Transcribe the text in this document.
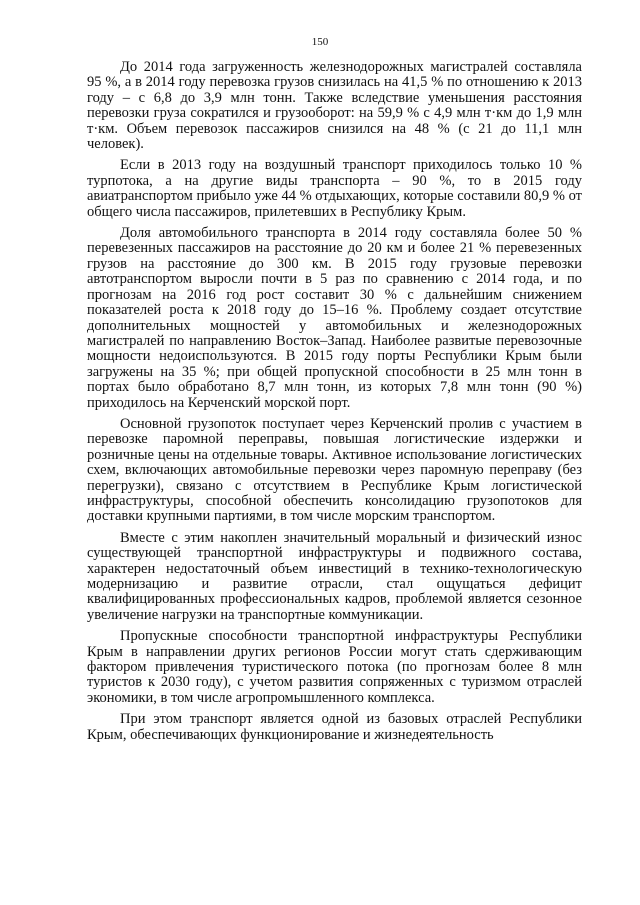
150

До 2014 года загруженность железнодорожных магистралей составляла 95 %, а в 2014 году перевозка грузов снизилась на 41,5 % по отношению к 2013 году – с 6,8 до 3,9 млн тонн. Также вследствие уменьшения расстояния перевозки груза сократился и грузооборот: на 59,9 % с 4,9 млн т·км до 1,9 млн т·км. Объем перевозок пассажиров снизился на 48 % (с 21 до 11,1 млн человек).

Если в 2013 году на воздушный транспорт приходилось только 10 % турпотока, а на другие виды транспорта – 90 %, то в 2015 году авиатранспортом прибыло уже 44 % отдыхающих, которые составили 80,9 % от общего числа пассажиров, прилетевших в Республику Крым.

Доля автомобильного транспорта в 2014 году составляла более 50 % перевезенных пассажиров на расстояние до 20 км и более 21 % перевезенных грузов на расстояние до 300 км. В 2015 году грузовые перевозки автотранспортом выросли почти в 5 раз по сравнению с 2014 года, и по прогнозам на 2016 год рост составит 30 % с дальнейшим снижением показателей роста к 2018 году до 15–16 %. Проблему создает отсутствие дополнительных мощностей у автомобильных и железнодорожных магистралей по направлению Восток–Запад. Наиболее развитые перевозочные мощности недоиспользуются. В 2015 году порты Республики Крым были загружены на 35 %; при общей пропускной способности в 25 млн тонн в портах было обработано 8,7 млн тонн, из которых 7,8 млн тонн (90 %) приходилось на Керченский морской порт.

Основной грузопоток поступает через Керченский пролив с участием в перевозке паромной переправы, повышая логистические издержки и розничные цены на отдельные товары. Активное использование логистических схем, включающих автомобильные перевозки через паромную переправу (без перегрузки), связано с отсутствием в Республике Крым логистической инфраструктуры, способной обеспечить консолидацию грузопотоков для доставки крупными партиями, в том числе морским транспортом.

Вместе с этим накоплен значительный моральный и физический износ существующей транспортной инфраструктуры и подвижного состава, характерен недостаточный объем инвестиций в технико-технологическую модернизацию и развитие отрасли, стал ощущаться дефицит квалифицированных профессиональных кадров, проблемой является сезонное увеличение нагрузки на транспортные коммуникации.

Пропускные способности транспортной инфраструктуры Республики Крым в направлении других регионов России могут стать сдерживающим фактором привлечения туристического потока (по прогнозам более 8 млн туристов к 2030 году), с учетом развития сопряженных с туризмом отраслей экономики, в том числе агропромышленного комплекса.

При этом транспорт является одной из базовых отраслей Республики Крым, обеспечивающих функционирование и жизнедеятельность
